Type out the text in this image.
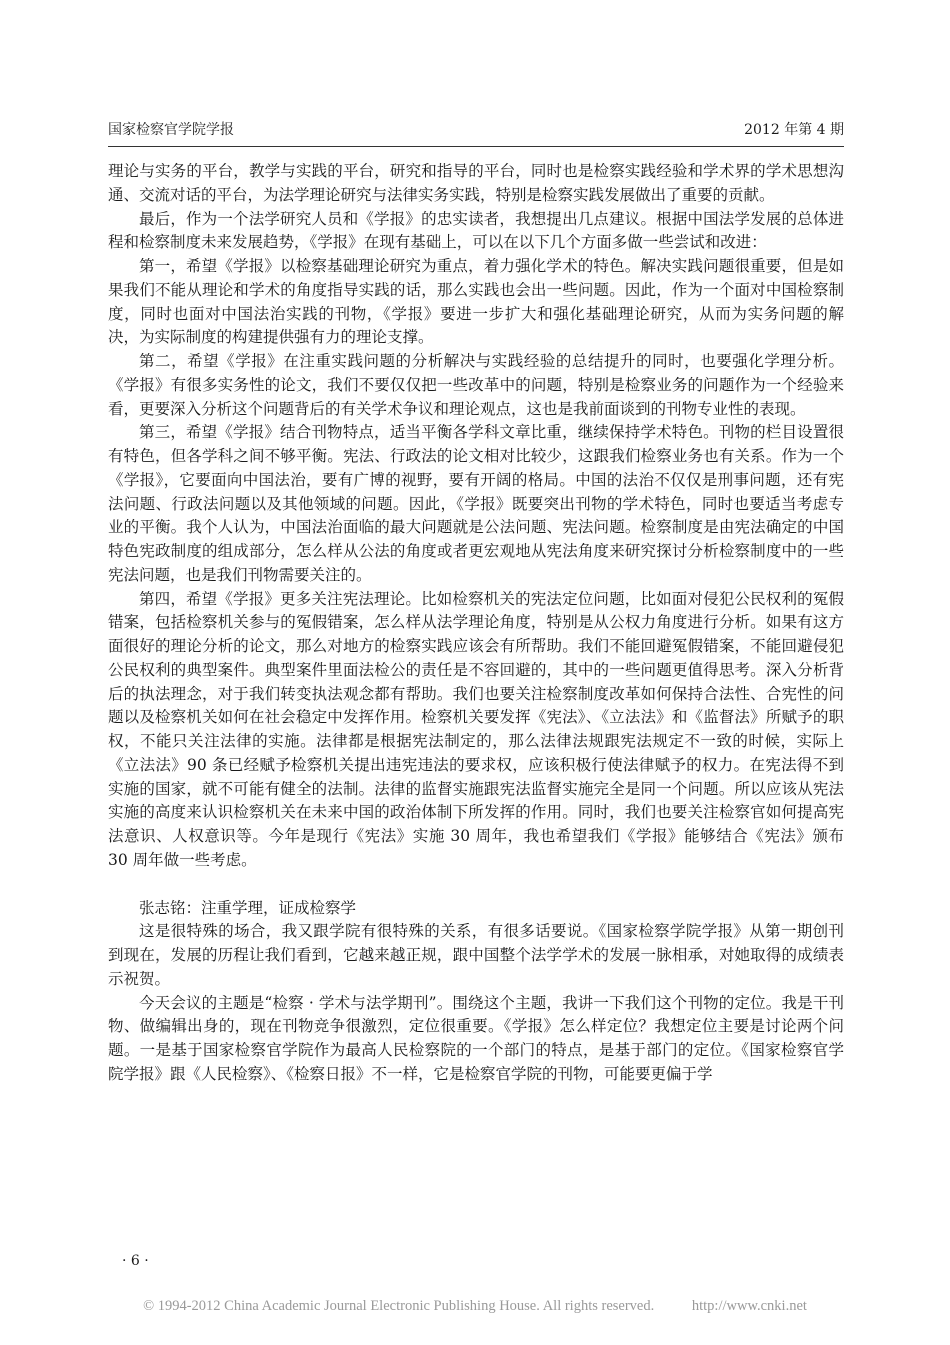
国家检察官学院学报	2012 年第 4 期

理论与实务的平台，教学与实践的平台，研究和指导的平台，同时也是检察实践经验和学术界的学术思想沟通、交流对话的平台，为法学理论研究与法律实务实践，特别是检察实践发展做出了重要的贡献。

最后，作为一个法学研究人员和《学报》的忠实读者，我想提出几点建议。根据中国法学发展的总体进程和检察制度未来发展趋势，《学报》在现有基础上，可以在以下几个方面多做一些尝试和改进：

第一，希望《学报》以检察基础理论研究为重点，着力强化学术的特色。解决实践问题很重要，但是如果我们不能从理论和学术的角度指导实践的话，那么实践也会出一些问题。因此，作为一个面对中国检察制度，同时也面对中国法治实践的刊物，《学报》要进一步扩大和强化基础理论研究，从而为实务问题的解决，为实际制度的构建提供强有力的理论支撑。

第二，希望《学报》在注重实践问题的分析解决与实践经验的总结提升的同时，也要强化学理分析。《学报》有很多实务性的论文，我们不要仅仅把一些改革中的问题，特别是检察业务的问题作为一个经验来看，更要深入分析这个问题背后的有关学术争议和理论观点，这也是我前面谈到的刊物专业性的表现。

第三，希望《学报》结合刊物特点，适当平衡各学科文章比重，继续保持学术特色。刊物的栏目设置很有特色，但各学科之间不够平衡。宪法、行政法的论文相对比较少，这跟我们检察业务也有关系。作为一个《学报》，它要面向中国法治，要有广博的视野，要有开阔的格局。中国的法治不仅仅是刑事问题，还有宪法问题、行政法问题以及其他领域的问题。因此，《学报》既要突出刊物的学术特色，同时也要适当考虑专业的平衡。我个人认为，中国法治面临的最大问题就是公法问题、宪法问题。检察制度是由宪法确定的中国特色宪政制度的组成部分，怎么样从公法的角度或者更宏观地从宪法角度来研究探讨分析检察制度中的一些宪法问题，也是我们刊物需要关注的。

第四，希望《学报》更多关注宪法理论。比如检察机关的宪法定位问题，比如面对侵犯公民权利的冤假错案，包括检察机关参与的冤假错案，怎么样从法学理论角度，特别是从公权力角度进行分析。如果有这方面很好的理论分析的论文，那么对地方的检察实践应该会有所帮助。我们不能回避冤假错案，不能回避侵犯公民权利的典型案件。典型案件里面法检公的责任是不容回避的，其中的一些问题更值得思考。深入分析背后的执法理念，对于我们转变执法观念都有帮助。我们也要关注检察制度改革如何保持合法性、合宪性的问题以及检察机关如何在社会稳定中发挥作用。检察机关要发挥《宪法》、《立法法》和《监督法》所赋予的职权，不能只关注法律的实施。法律都是根据宪法制定的，那么法律法规跟宪法规定不一致的时候，实际上《立法法》90 条已经赋予检察机关提出违宪违法的要求权，应该积极行使法律赋予的权力。在宪法得不到实施的国家，就不可能有健全的法制。法律的监督实施跟宪法监督实施完全是同一个问题。所以应该从宪法实施的高度来认识检察机关在未来中国的政治体制下所发挥的作用。同时，我们也要关注检察官如何提高宪法意识、人权意识等。今年是现行《宪法》实施 30 周年，我也希望我们《学报》能够结合《宪法》颁布 30 周年做一些考虑。

张志铭：注重学理，证成检察学

这是很特殊的场合，我又跟学院有很特殊的关系，有很多话要说。《国家检察学院学报》从第一期创刊到现在，发展的历程让我们看到，它越来越正规，跟中国整个法学学术的发展一脉相承，对她取得的成绩表示祝贺。

今天会议的主题是“检察 · 学术与法学期刊”。围绕这个主题，我讲一下我们这个刊物的定位。我是干刊物、做编辑出身的，现在刊物竞争很激烈，定位很重要。《学报》怎么样定位？我想定位主要是讨论两个问题。一是基于国家检察官学院作为最高人民检察院的一个部门的特点，是基于部门的定位。《国家检察官学院学报》跟《人民检察》、《检察日报》不一样，它是检察官学院的刊物，可能要更偏于学

· 6 ·
© 1994-2012 China Academic Journal Electronic Publishing House. All rights reserved.	http://www.cnki.net
